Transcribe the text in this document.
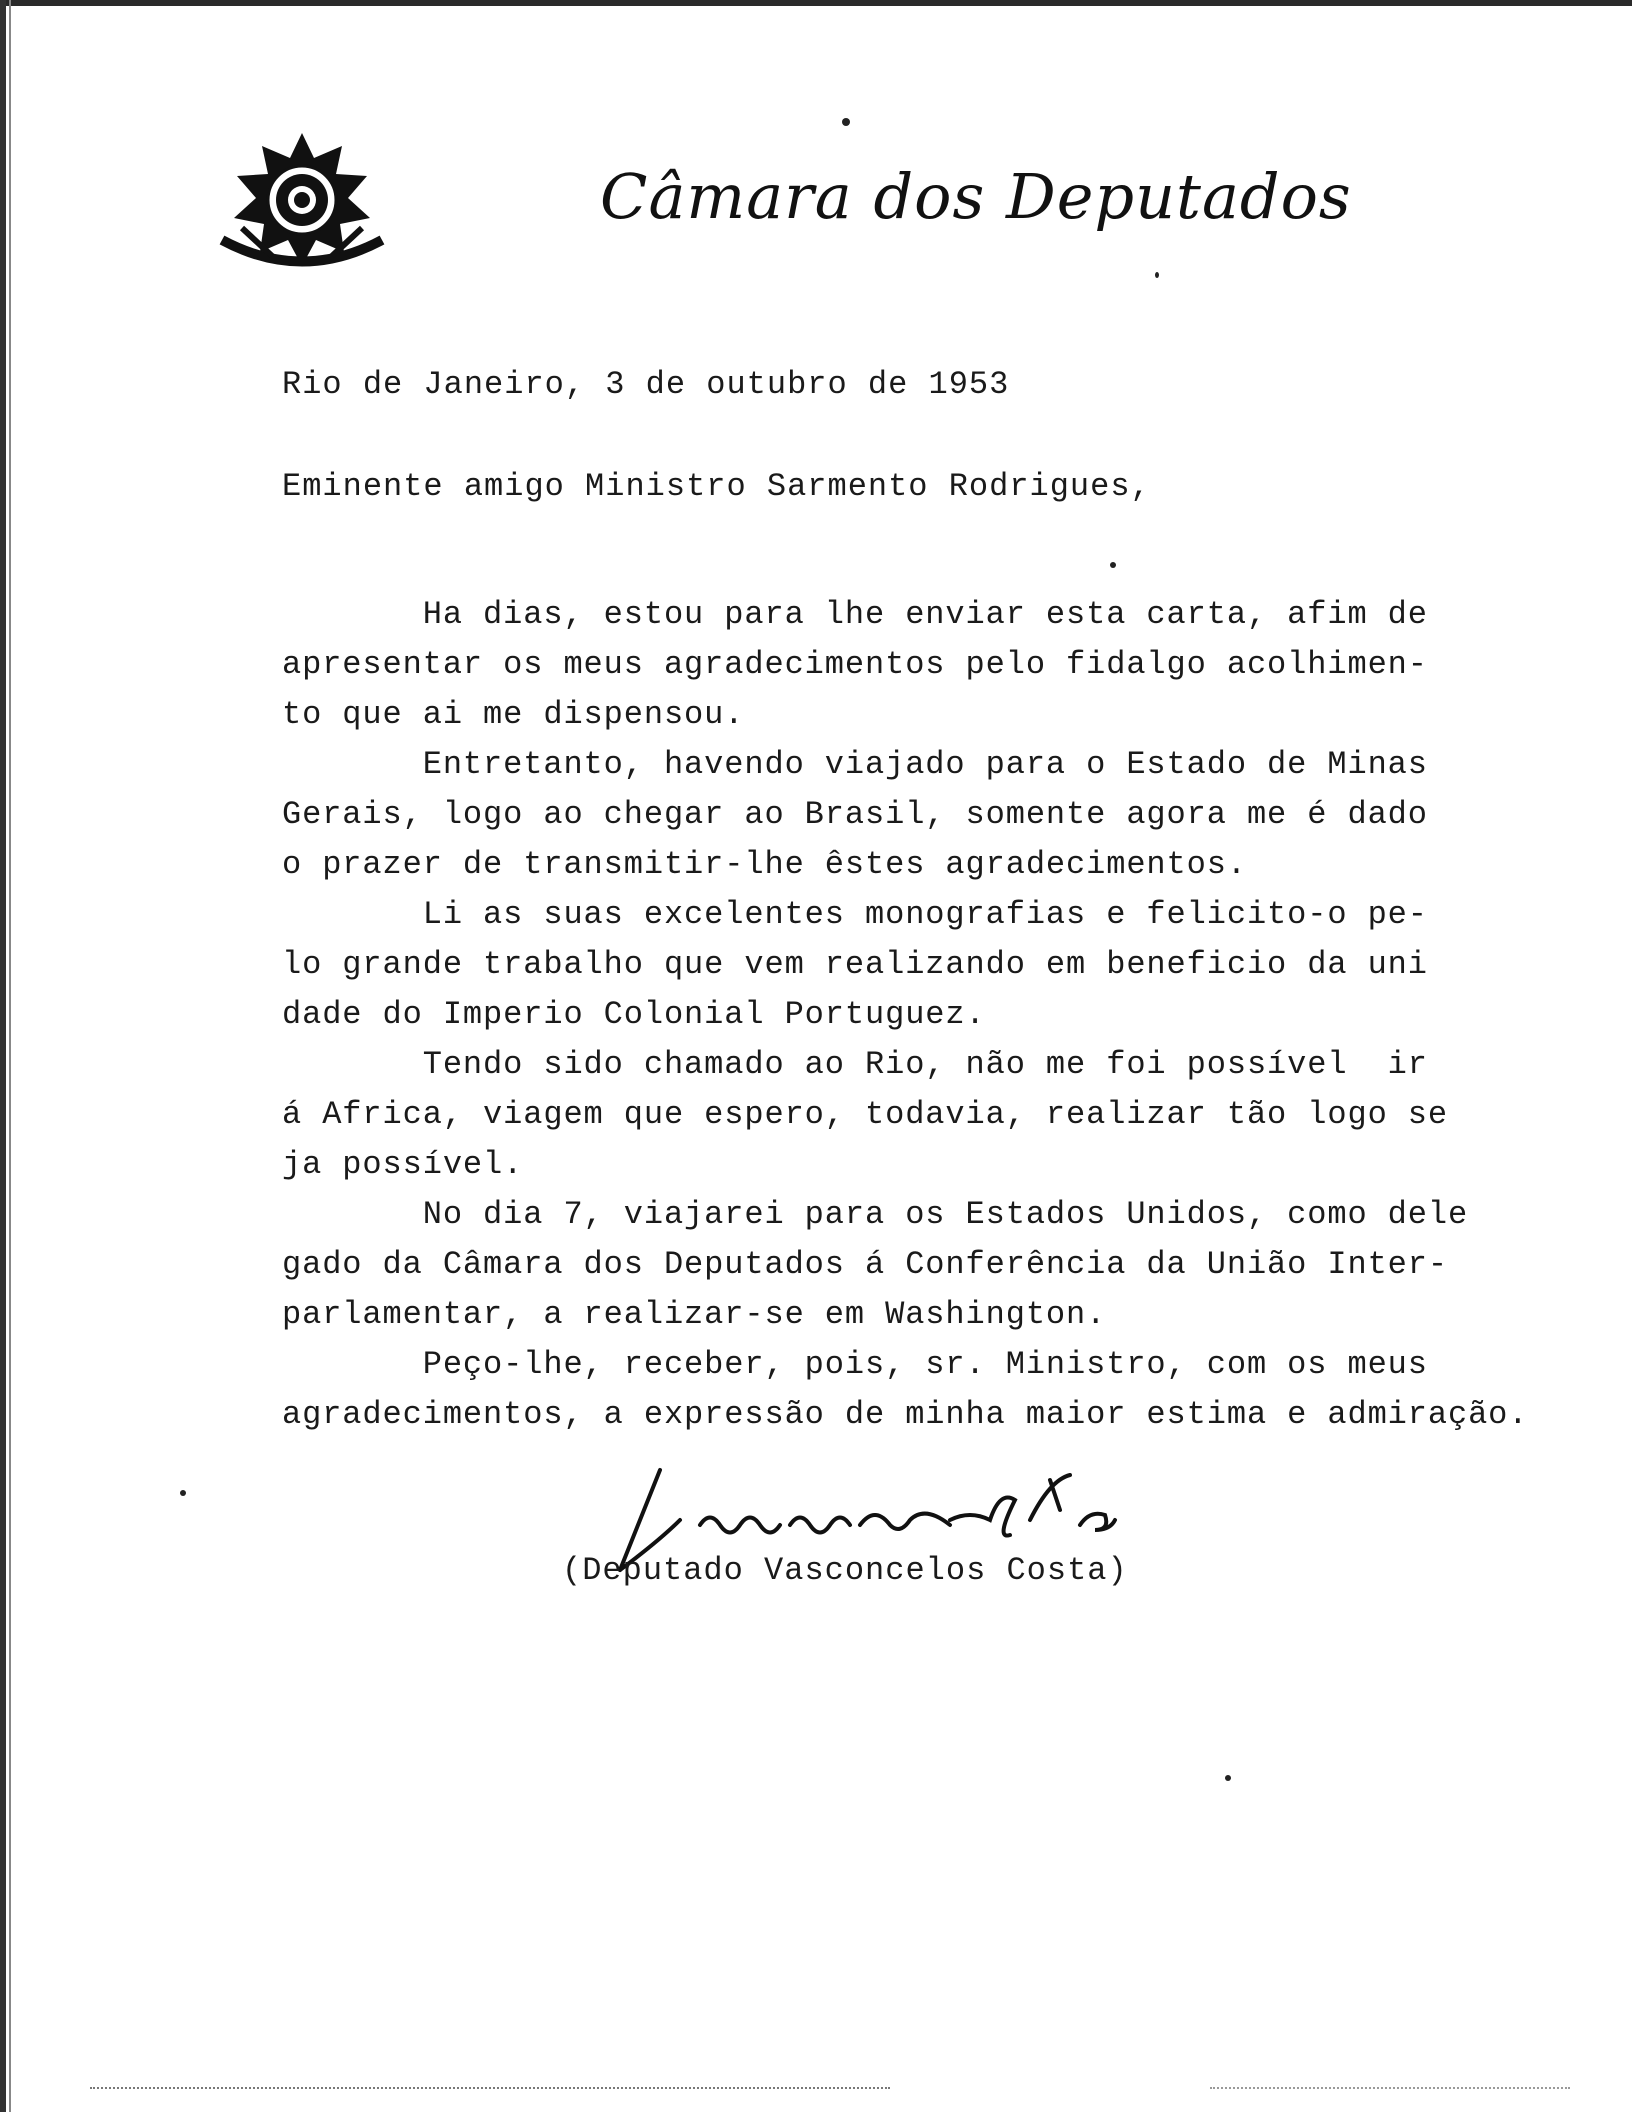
Câmara dos Deputados
Rio de Janeiro, 3 de outubro de 1953
Eminente amigo Ministro Sarmento Rodrigues,
Ha dias, estou para lhe enviar esta carta, afim de
apresentar os meus agradecimentos pelo fidalgo acolhimen-
to que ai me dispensou.
Entretanto, havendo viajado para o Estado de Minas
Gerais, logo ao chegar ao Brasil, somente agora me é dado
o prazer de transmitir-lhe êstes agradecimentos.
Li as suas excelentes monografias e felicito-o pe-
lo grande trabalho que vem realizando em beneficio da uni
dade do Imperio Colonial Portuguez.
Tendo sido chamado ao Rio, não me foi possível  ir
á Africa, viagem que espero, todavia, realizar tão logo se
ja possível.
No dia 7, viajarei para os Estados Unidos, como dele
gado da Câmara dos Deputados á Conferência da União Inter-
parlamentar, a realizar-se em Washington.
Peço-lhe, receber, pois, sr. Ministro, com os meus
agradecimentos, a expressão de minha maior estima e admiração.
(Deputado Vasconcelos Costa)
